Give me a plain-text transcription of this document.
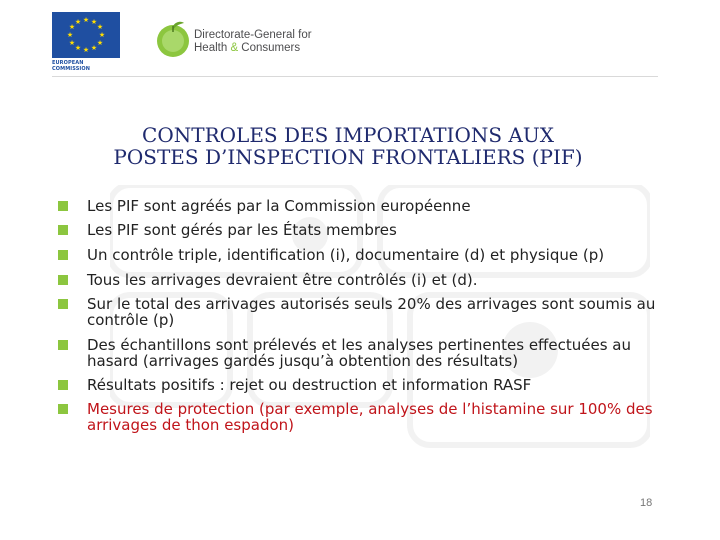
★ ★
★
★
★
★
★
★
★
★
★
★
EUROPEAN COMMISSION
Directorate-General for
Health & Consumers
CONTROLES DES IMPORTATIONS AUX
POSTES D’INSPECTION FRONTALIERS (PIF)
Les PIF sont agréés par la Commission européenne
Les PIF sont gérés par les États membres
Un contrôle triple, identification (i), documentaire (d) et physique (p)
Tous les arrivages devraient être contrôlés (i) et (d).
Sur le total des arrivages autorisés seuls 20% des arrivages sont soumis au contrôle (p)
Des échantillons sont prélevés et les analyses pertinentes effectuées au hasard (arrivages gardés jusqu’à obtention des résultats)
Résultats positifs : rejet ou destruction et information RASF
Mesures de protection (par exemple, analyses de l’histamine sur 100% des arrivages de thon espadon)
18
